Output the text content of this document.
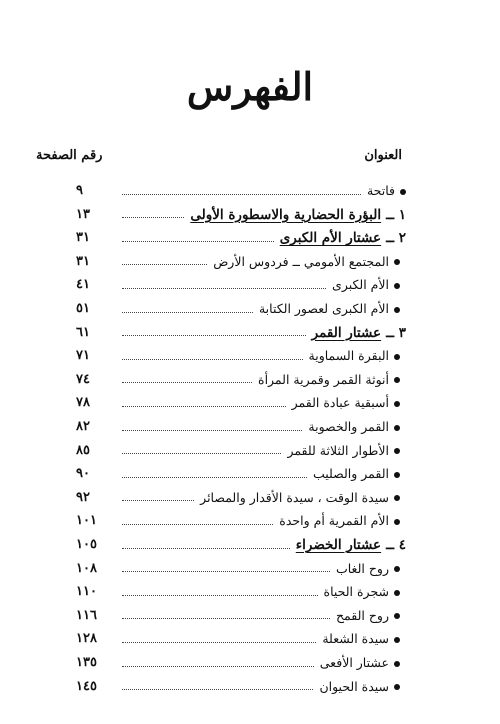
الفهرس
العنوان
رقم الصفحة
فاتحة
٩
١ ــ
البؤرة الحضارية والاسطورة الأولى
١٣
٢ ــ
عشتار الأم الكبرى
٣١
المجتمع الأمومي ــ فردوس الأرض
٣١
الأم الكبرى
٤١
الأم الكبرى لعصور الكتابة
٥١
٣ ــ
عشتار القمر
٦١
البقرة السماوية
٧١
أنوثة القمر وقمرية المرأة
٧٤
أسبقية عبادة القمر
٧٨
القمر والخصوبة
٨٢
الأطوار الثلاثة للقمر
٨٥
القمر والصليب
٩٠
سيدة الوقت ، سيدة الأقدار والمصائر
٩٢
الأم القمرية أم واحدة
١٠١
٤ ــ
عشتار الخضراء
١٠٥
روح الغاب
١٠٨
شجرة الحياة
١١٠
روح القمح
١١٦
سيدة الشعلة
١٢٨
عشتار الأفعى
١٣٥
سيدة الحيوان
١٤٥
